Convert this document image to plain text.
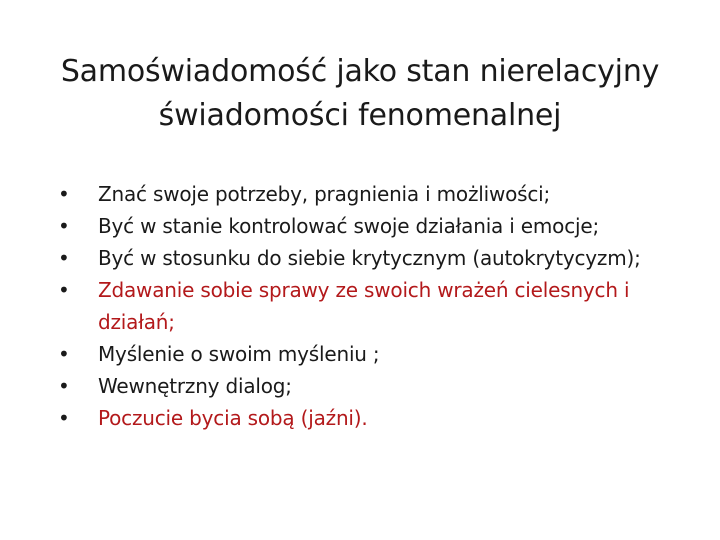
Samoświadomość jako stan nierelacyjny
świadomości fenomenalnej
•	Znać swoje potrzeby, pragnienia i możliwości;
•	Być w stanie kontrolować swoje działania i emocje;
•	Być w stosunku do siebie krytycznym (autokrytycyzm);
•	Zdawanie sobie sprawy ze swoich wrażeń cielesnych i działań;
•	Myślenie o swoim myśleniu ;
•	Wewnętrzny dialog;
•	Poczucie bycia sobą (jaźni).
